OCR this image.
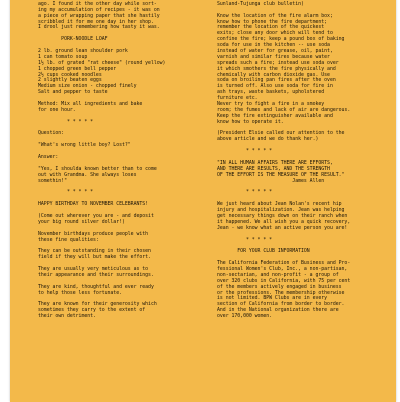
ago. I found it the other day while sort-
ing my accumulation of recipes - it was on
a piece of wrapping paper that she hastily
scribbled it for me one day in her shop.
I drool just remembering how tasty it was.
PORK-NOODLE LOAF
2 lb. ground lean shoulder pork
1 can tomato soup
1½ lb. of grated "rat cheese" (round yellow)
1 chopped green bell pepper
2½ cups cooked noodles
2 slightly beaten eggs
Medium size onion - chopped finely
Salt and pepper to taste
Method: Mix all ingredients and bake
for one hour.
* * * * *
Question:
"What's wrong little boy? Lost?"
Answer:
"Yes, I shoulda known better than to come
out with Grandma. She always loses
somethin!"
* * * * *
HAPPY BIRTHDAY TO NOVEMBER CELEBRANTS!
(Come out wherever you are - and deposit
your big round silver dollar!)
November birthdays produce people with
these fine qualities:
They can be outstanding in their chosen
field if they will but make the effort.
They are usually very meticulous as to
their appearance and their surroundings.
They are kind, thoughtful and ever ready
to help those less fortunate.
They are known for their generosity which
sometimes they carry to the extent of
their own detriment.
Sunland-Tujunga club bulletin)
Know the location of the fire alarm box;
know how to phone the fire department;
remember the location of the quickest
exits; close any door which will tend to
confine the fire; keep a pound box of baking
soda for use in the kitchen -- use soda
instead of water for grease, oil, paint,
varnish and similar fires because water
spreads such a fire; instead use soda over
it which smothers the fire physically and
chemically with carbon dioxide gas. Use
soda on broiling pan fires after the oven
is turned off. Also use soda for fire in
ash trays, waste baskets, upholstered
furniture etc.
Never try to fight a fire in a smokey
room; the fumes and lack of air are dangerous.
Keep the fire extinguisher available and
know how to operate it.
(President Elsie called our attention to the
above article and we do thank her.)
* * * * *
"IN ALL HUMAN AFFAIRS THERE ARE EFFORTS,
AND THERE ARE RESULTS, AND THE STRENGTH
OF THE EFFORT IS THE MEASURE OF THE RESULT."
James Allen
* * * * *
We just heard about Jean Nolan's recent hip
injury and hospitalization. Jean was helping
get necessary things down on their ranch when
it happened. We all wish you a quick recovery,
Jean - we know what an active person you are!
* * * * *
FOR YOUR CLUB INFORMATION
The California Federation of Business and Pro-
fessional Women's Club, Inc., a non-partisan,
non-sectarian, and non-profit - a group of
over 320 clubs in California, with 75 per cent
of the members actively engaged in business
or the professions. The membership otherwise
is not limited. BPW Clubs are in every
section of California from border to border.
And in the National organization there are
over 170,000 women.
